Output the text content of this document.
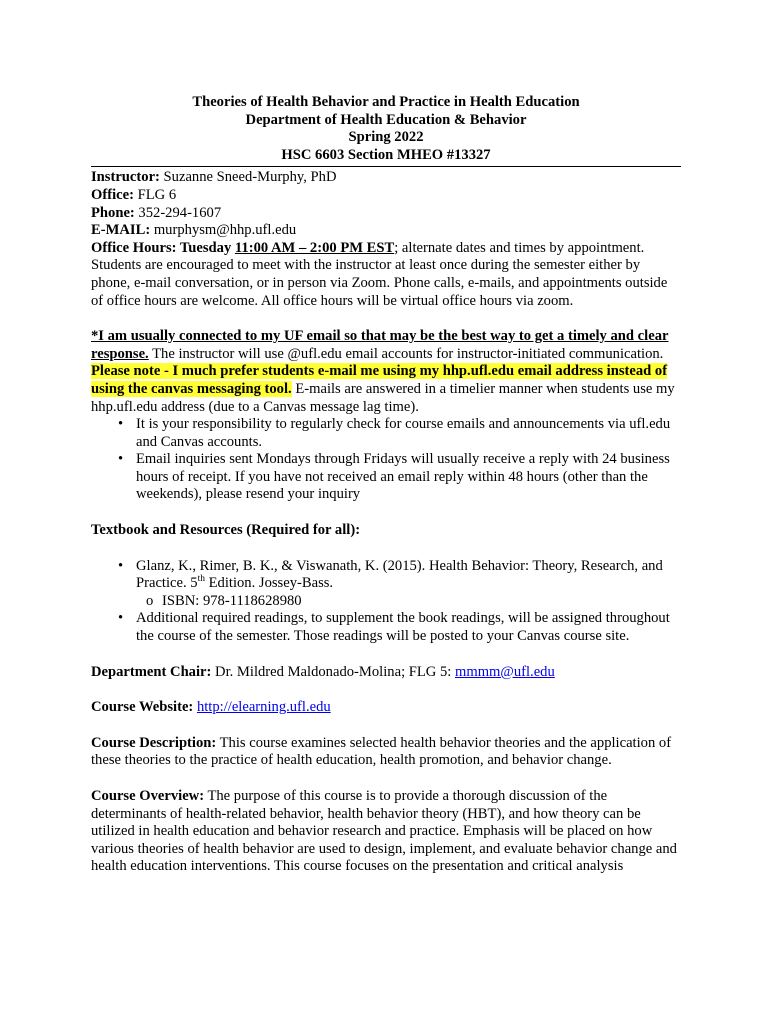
Theories of Health Behavior and Practice in Health Education
Department of Health Education & Behavior
Spring 2022
HSC 6603 Section MHEO #13327

Instructor: Suzanne Sneed-Murphy, PhD

Office: FLG 6

Phone: 352-294-1607

E-MAIL: murphysm@hhp.ufl.edu

Office Hours: Tuesday 11:00 AM – 2:00 PM EST; alternate dates and times by appointment. Students are encouraged to meet with the instructor at least once during the semester either by phone, e-mail conversation, or in person via Zoom. Phone calls, e-mails, and appointments outside of office hours are welcome. All office hours will be virtual office hours via zoom.

*I am usually connected to my UF email so that may be the best way to get a timely and clear response. The instructor will use @ufl.edu email accounts for instructor-initiated communication. Please note - I much prefer students e-mail me using my hhp.ufl.edu email address instead of using the canvas messaging tool. E-mails are answered in a timelier manner when students use my hhp.ufl.edu address (due to a Canvas message lag time).

• It is your responsibility to regularly check for course emails and announcements via ufl.edu and Canvas accounts.
• Email inquiries sent Mondays through Fridays will usually receive a reply with 24 business hours of receipt. If you have not received an email reply within 48 hours (other than the weekends), please resend your inquiry

Textbook and Resources (Required for all):

• Glanz, K., Rimer, B. K., & Viswanath, K. (2015). Health Behavior: Theory, Research, and Practice. 5th Edition. Jossey-Bass.
o ISBN: 978-1118628980
• Additional required readings, to supplement the book readings, will be assigned throughout the course of the semester. Those readings will be posted to your Canvas course site.

Department Chair: Dr. Mildred Maldonado-Molina; FLG 5: mmmm@ufl.edu

Course Website: http://elearning.ufl.edu

Course Description: This course examines selected health behavior theories and the application of these theories to the practice of health education, health promotion, and behavior change.

Course Overview: The purpose of this course is to provide a thorough discussion of the determinants of health-related behavior, health behavior theory (HBT), and how theory can be utilized in health education and behavior research and practice. Emphasis will be placed on how various theories of health behavior are used to design, implement, and evaluate behavior change and health education interventions. This course focuses on the presentation and critical analysis
